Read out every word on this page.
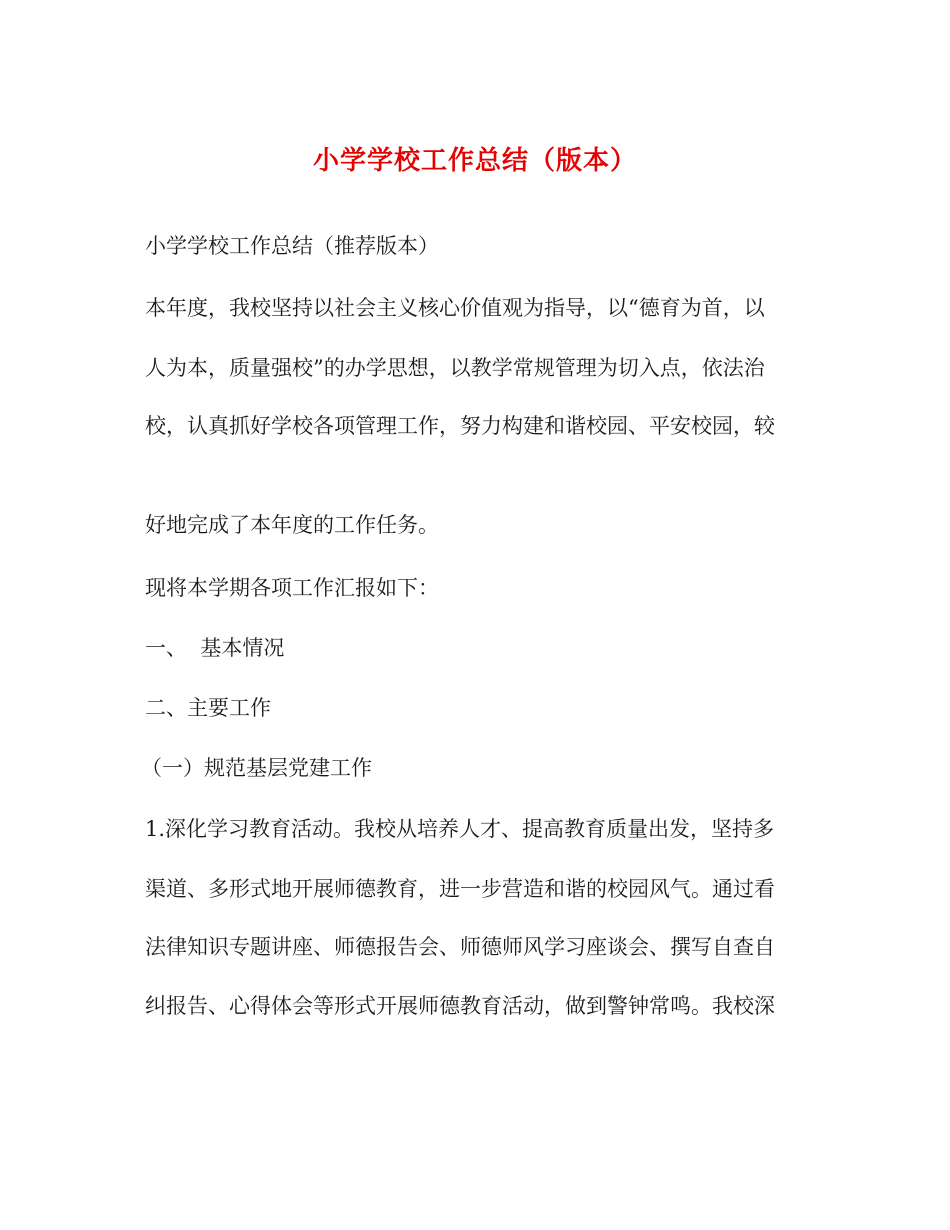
小学学校工作总结（版本）

小学学校工作总结（推荐版本）

本年度，我校坚持以社会主义核心价值观为指导，以“德育为首，以

人为本，质量强校”的办学思想，以教学常规管理为切入点，依法治

校，认真抓好学校各项管理工作，努力构建和谐校园、平安校园，较

好地完成了本年度的工作任务。

现将本学期各项工作汇报如下：

一、  基本情况

二、主要工作

（一）规范基层党建工作

1.深化学习教育活动。我校从培养人才、提高教育质量出发，坚持多

渠道、多形式地开展师德教育，进一步营造和谐的校园风气。通过看

法律知识专题讲座、师德报告会、师德师风学习座谈会、撰写自查自

纠报告、心得体会等形式开展师德教育活动，做到警钟常鸣。我校深
